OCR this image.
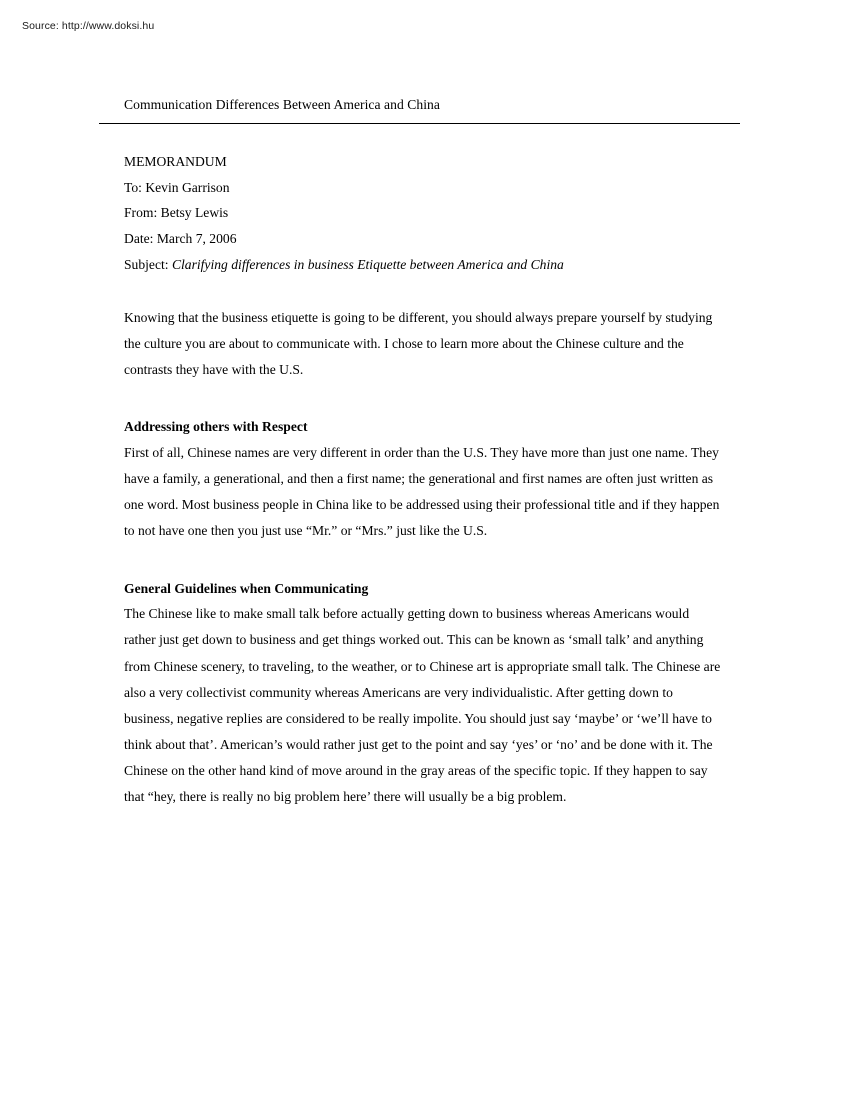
Source: http://www.doksi.hu
Communication Differences Between America and China
MEMORANDUM
To: Kevin Garrison
From: Betsy Lewis
Date: March 7, 2006
Subject: Clarifying differences in business Etiquette between America and China

Knowing that the business etiquette is going to be different, you should always prepare yourself by studying the culture you are about to communicate with. I chose to learn more about the Chinese culture and the contrasts they have with the U.S.

Addressing others with Respect

First of all, Chinese names are very different in order than the U.S. They have more than just one name. They have a family, a generational, and then a first name; the generational and first names are often just written as one word. Most business people in China like to be addressed using their professional title and if they happen to not have one then you just use “Mr.” or “Mrs.” just like the U.S.

General Guidelines when Communicating

The Chinese like to make small talk before actually getting down to business whereas Americans would rather just get down to business and get things worked out. This can be known as ‘small talk’ and anything from Chinese scenery, to traveling, to the weather, or to Chinese art is appropriate small talk. The Chinese are also a very collectivist community whereas Americans are very individualistic. After getting down to business, negative replies are considered to be really impolite. You should just say ‘maybe’ or ‘we’ll have to think about that’. American’s would rather just get to the point and say ‘yes’ or ‘no’ and be done with it. The Chinese on the other hand kind of move around in the gray areas of the specific topic. If they happen to say that “hey, there is really no big problem here’ there will usually be a big problem.
